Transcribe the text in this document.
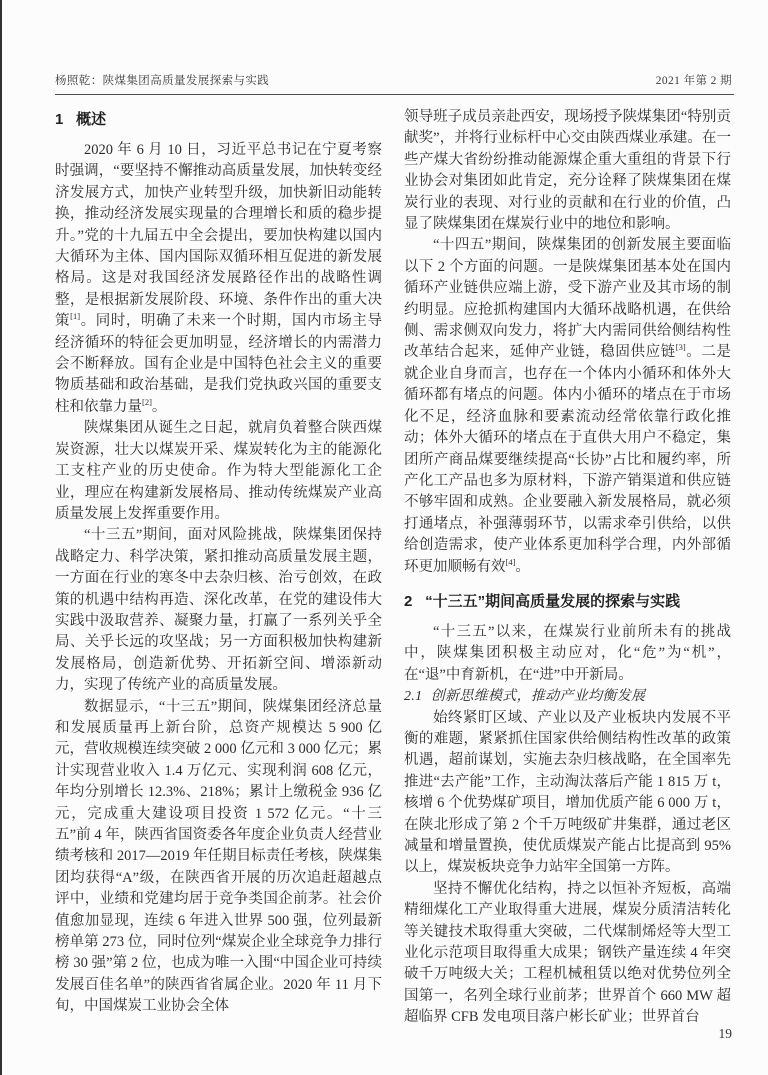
杨照乾：陕煤集团高质量发展探索与实践	2021 年第 2 期
1 概述

2020 年 6 月 10 日，习近平总书记在宁夏考察时强调，“要坚持不懈推动高质量发展，加快转变经济发展方式，加快产业转型升级，加快新旧动能转换，推动经济发展实现量的合理增长和质的稳步提升。”党的十九届五中全会提出，要加快构建以国内大循环为主体、国内国际双循环相互促进的新发展格局。这是对我国经济发展路径作出的战略性调整，是根据新发展阶段、环境、条件作出的重大决策[1]。同时，明确了未来一个时期，国内市场主导经济循环的特征会更加明显，经济增长的内需潜力会不断释放。国有企业是中国特色社会主义的重要物质基础和政治基础，是我们党执政兴国的重要支柱和依靠力量[2]。

陕煤集团从诞生之日起，就肩负着整合陕西煤炭资源，壮大以煤炭开采、煤炭转化为主的能源化工支柱产业的历史使命。作为特大型能源化工企业，理应在构建新发展格局、推动传统煤炭产业高质量发展上发挥重要作用。

“十三五”期间，面对风险挑战，陕煤集团保持战略定力、科学决策，紧扣推动高质量发展主题，一方面在行业的寒冬中去杂归核、治亏创效，在政策的机遇中结构再造、深化改革，在党的建设伟大实践中汲取营养、凝聚力量，打赢了一系列关乎全局、关乎长远的攻坚战；另一方面积极加快构建新发展格局，创造新优势、开拓新空间、增添新动力，实现了传统产业的高质量发展。

数据显示，“十三五”期间，陕煤集团经济总量和发展质量再上新台阶，总资产规模达 5 900 亿元，营收规模连续突破 2 000 亿元和 3 000 亿元；累计实现营业收入 1.4 万亿元、实现利润 608 亿元，年均分别增长 12.3%、218%；累计上缴税金 936 亿元，完成重大建设项目投资 1 572 亿元。“十三五”前 4 年，陕西省国资委各年度企业负责人经营业绩考核和 2017—2019 年任期目标责任考核，陕煤集团均获得“A”级，在陕西省开展的历次追赶超越点评中，业绩和党建均居于竞争类国企前茅。社会价值愈加显现，连续 6 年进入世界 500 强，位列最新榜单第 273 位，同时位列“煤炭企业全球竞争力排行榜 30 强”第 2 位，也成为唯一入围“中国企业可持续发展百佳名单”的陕西省省属企业。2020 年 11 月下旬，中国煤炭工业协会全体

领导班子成员亲赴西安，现场授予陕煤集团“特别贡献奖”，并将行业标杆中心交由陕西煤业承建。在一些产煤大省纷纷推动能源煤企重大重组的背景下行业协会对集团如此肯定，充分诠释了陕煤集团在煤炭行业的表现、对行业的贡献和在行业的价值，凸显了陕煤集团在煤炭行业中的地位和影响。

“十四五”期间，陕煤集团的创新发展主要面临以下 2 个方面的问题。一是陕煤集团基本处在国内循环产业链供应端上游，受下游产业及其市场的制约明显。应抢抓构建国内大循环战略机遇，在供给侧、需求侧双向发力，将扩大内需同供给侧结构性改革结合起来，延伸产业链，稳固供应链[3]。二是就企业自身而言，也存在一个体内小循环和体外大循环都有堵点的问题。体内小循环的堵点在于市场化不足，经济血脉和要素流动经常依靠行政化推动；体外大循环的堵点在于直供大用户不稳定，集团所产商品煤要继续提高“长协”占比和履约率，所产化工产品也多为原材料，下游产销渠道和供应链不够牢固和成熟。企业要融入新发展格局，就必须打通堵点，补强薄弱环节，以需求牵引供给，以供给创造需求，使产业体系更加科学合理，内外部循环更加顺畅有效[4]。

2 “十三五”期间高质量发展的探索与实践

“十三五”以来，在煤炭行业前所未有的挑战中，陕煤集团积极主动应对，化“危”为“机”，在“退”中育新机，在“进”中开新局。

2.1 创新思维模式，推动产业均衡发展

始终紧盯区域、产业以及产业板块内发展不平衡的难题，紧紧抓住国家供给侧结构性改革的政策机遇，超前谋划，实施去杂归核战略，在全国率先推进“去产能”工作，主动淘汰落后产能 1 815 万 t，核增 6 个优势煤矿项目，增加优质产能 6 000 万 t，在陕北形成了第 2 个千万吨级矿井集群，通过老区减量和增量置换，使优质煤炭产能占比提高到 95%以上，煤炭板块竞争力站牢全国第一方阵。

坚持不懈优化结构，持之以恒补齐短板，高端精细煤化工产业取得重大进展，煤炭分质清洁转化等关键技术取得重大突破，二代煤制烯烃等大型工业化示范项目取得重大成果；钢铁产量连续 4 年突破千万吨级大关；工程机械租赁以绝对优势位列全国第一，名列全球行业前茅；世界首个 660 MW 超超临界 CFB 发电项目落户彬长矿业；世界首台

19
